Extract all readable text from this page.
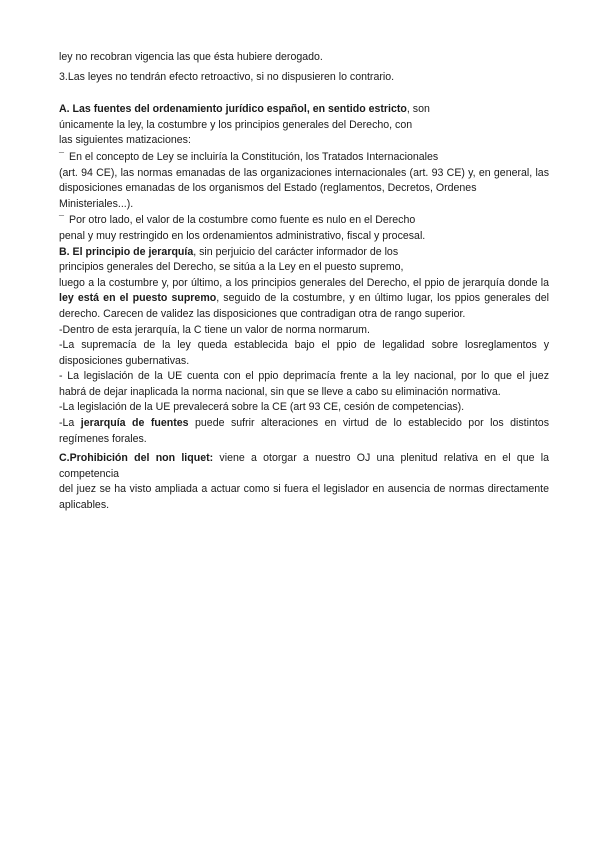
ley no recobran vigencia las que ésta hubiere derogado.

3.Las leyes no tendrán efecto retroactivo, si no dispusieren lo contrario.

A. Las fuentes del ordenamiento jurídico español, en sentido estricto, son

únicamente la ley, la costumbre y los principios generales del Derecho, con

las siguientes matizaciones:

¯ En el concepto de Ley se incluiría la Constitución, los Tratados Internacionales

(art. 94 CE), las normas emanadas de las organizaciones internacionales (art. 93 CE) y, en general, las

disposiciones emanadas de los organismos del Estado (reglamentos, Decretos, Ordenes Ministeriales...).

¯ Por otro lado, el valor de la costumbre como fuente es nulo en el Derecho

penal y muy restringido en los ordenamientos administrativo, fiscal y procesal.

B. El principio de jerarquía, sin perjuicio del carácter informador de los

principios generales del Derecho, se sitúa a la Ley en el puesto supremo,

luego a la costumbre y, por último, a los principios generales del Derecho, el ppio de jerarquía donde la

ley está en el puesto supremo, seguido de la costumbre, y en último lugar, los ppios generales del

derecho. Carecen de validez las disposiciones que contradigan otra de rango superior.

-Dentro de esta jerarquía, la C tiene un valor de norma normarum.

-La supremacía de la ley queda establecida bajo el ppio de legalidad sobre losreglamentos y

disposiciones gubernativas.

- La legislación de la UE cuenta con el ppio deprimacía frente a la ley nacional, por lo que el juez

habrá de dejar inaplicada la norma nacional, sin que se lleve a cabo su eliminación normativa.

-La legislación de la UE prevalecerá sobre la CE (art 93 CE, cesión de competencias).

-La jerarquía de fuentes puede sufrir alteraciones en virtud de lo establecido por los distintos

regímenes forales.

C.Prohibición del non liquet: viene a otorgar a nuestro OJ una plenitud relativa en el que la competencia

del juez se ha visto ampliada a actuar como si fuera el legislador en ausencia de normas directamente

aplicables.
